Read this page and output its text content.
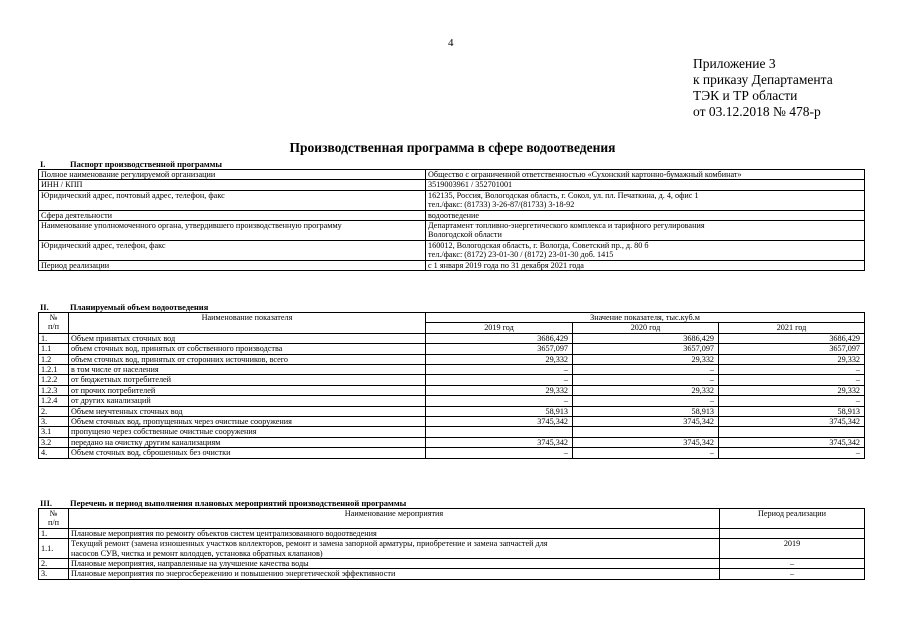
4
Приложение 3
к приказу Департамента
ТЭК и ТР области
от 03.12.2018 № 478-р
Производственная программа в сфере водоотведения
I.	Паспорт производственной программы
Полное наименование регулируемой организации	Общество с ограниченной ответственностью «Сухонский картонно-бумажный комбинат»
ИНН / КПП	3519003961 / 352701001
Юридический адрес, почтовый адрес, телефон, факс	162135, Россия, Вологодская область, г. Сокол, ул. пл. Печаткина, д. 4, офис 1
тел./факс: (81733) 3-26-87/(81733) 3-18-92

Сфера деятельности	водоотведение
Наименование уполномоченного органа, утвердившего производственную программу	Департамент топливно-энергетического комплекса и тарифного регулирования
Вологодской области

Юридический адрес, телефон, факс	160012, Вологодская область, г. Вологда, Советский пр., д. 80 б
тел./факс: (8172) 23-01-30 / (8172) 23-01-30 доб. 1415

Период реализации	с 1 января 2019 года по 31 декабря 2021 года
II.	Планируемый объем водоотведения
№
п/п	Наименование показателя	Значение показателя, тыс.куб.м		
		2019 год	2020 год	2021 год
1.	Объем принятых сточных вод	3686,429	3686,429	3686,429
1.1	объем сточных вод, принятых от собственного производства	3657,097	3657,097	3657,097
1.2	объем сточных вод, принятых от сторонних источников, всего	29,332	29,332	29,332
1.2.1	в том числе от населения	–	–	–
1.2.2	от бюджетных потребителей	–	–	–
1.2.3	от прочих потребителей	29,332	29,332	29,332
1.2.4	от других канализаций	–	–	–
2.	Объем неучтенных сточных вод	58,913	58,913	58,913
3.	Объем сточных вод, пропущенных через очистные сооружения	3745,342	3745,342	3745,342
3.1	пропущено через собственные очистные сооружения			
3.2	передано на очистку другим канализациям	3745,342	3745,342	3745,342
4.	Объем сточных вод, сброшенных без очистки	–	–	–
III. Перечень и период выполнения плановых мероприятий производственной программы
№
п/п	Наименование мероприятия	Период реализации
1.	Плановые мероприятия по ремонту объектов систем централизованного водоотведения	
1.1.	Текущий ремонт (замена изношенных участков коллекторов, ремонт и замена запорной арматуры, приобретение и замена запчастей для
насосов СУВ, чистка и ремонт колодцев, установка обратных клапанов)	2019
2.	Плановые мероприятия, направленные на улучшение качества воды	–
3.	Плановые мероприятия по энергосбережению и повышению энергетической эффективности	–
